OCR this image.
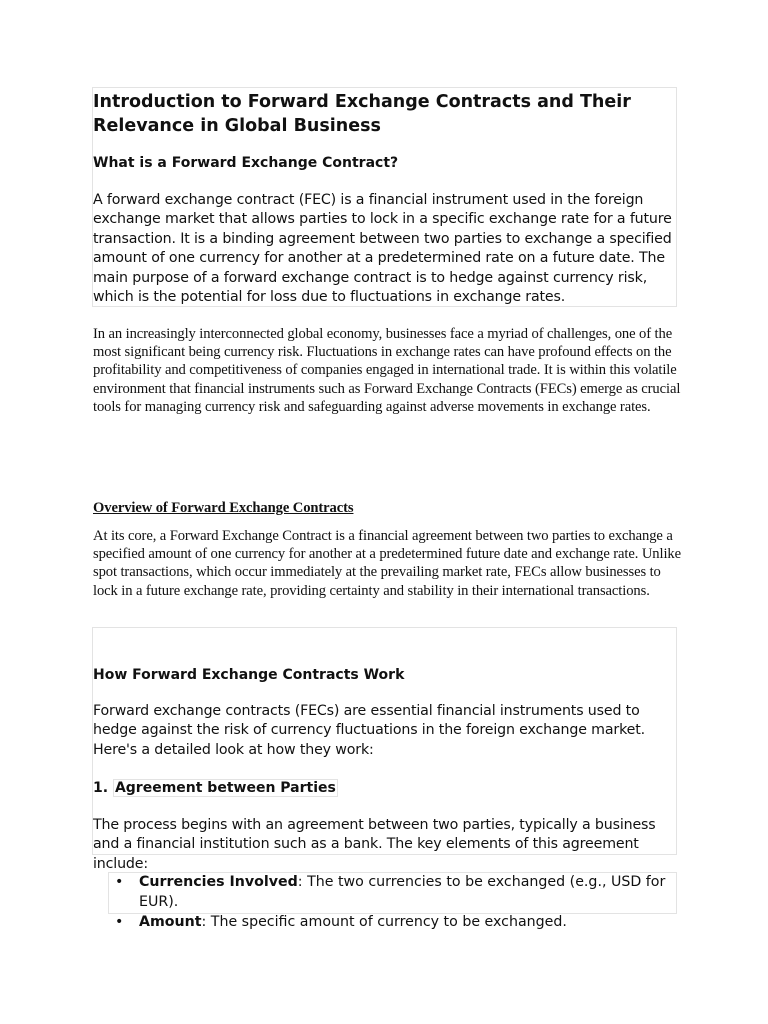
Introduction to Forward Exchange Contracts and Their Relevance in Global Business
What is a Forward Exchange Contract?

A forward exchange contract (FEC) is a financial instrument used in the foreign exchange market that allows parties to lock in a specific exchange rate for a future transaction. It is a binding agreement between two parties to exchange a specified amount of one currency for another at a predetermined rate on a future date. The main purpose of a forward exchange contract is to hedge against currency risk, which is the potential for loss due to fluctuations in exchange rates.

In an increasingly interconnected global economy, businesses face a myriad of challenges, one of the most significant being currency risk. Fluctuations in exchange rates can have profound effects on the profitability and competitiveness of companies engaged in international trade. It is within this volatile environment that financial instruments such as Forward Exchange Contracts (FECs) emerge as crucial tools for managing currency risk and safeguarding against adverse movements in exchange rates.

Overview of Forward Exchange Contracts

At its core, a Forward Exchange Contract is a financial agreement between two parties to exchange a specified amount of one currency for another at a predetermined future date and exchange rate. Unlike spot transactions, which occur immediately at the prevailing market rate, FECs allow businesses to lock in a future exchange rate, providing certainty and stability in their international transactions.

How Forward Exchange Contracts Work

Forward exchange contracts (FECs) are essential financial instruments used to hedge against the risk of currency fluctuations in the foreign exchange market. Here's a detailed look at how they work:

1. Agreement between Parties

The process begins with an agreement between two parties, typically a business and a financial institution such as a bank. The key elements of this agreement include:

• Currencies Involved: The two currencies to be exchanged (e.g., USD for EUR).
• Amount: The specific amount of currency to be exchanged.
